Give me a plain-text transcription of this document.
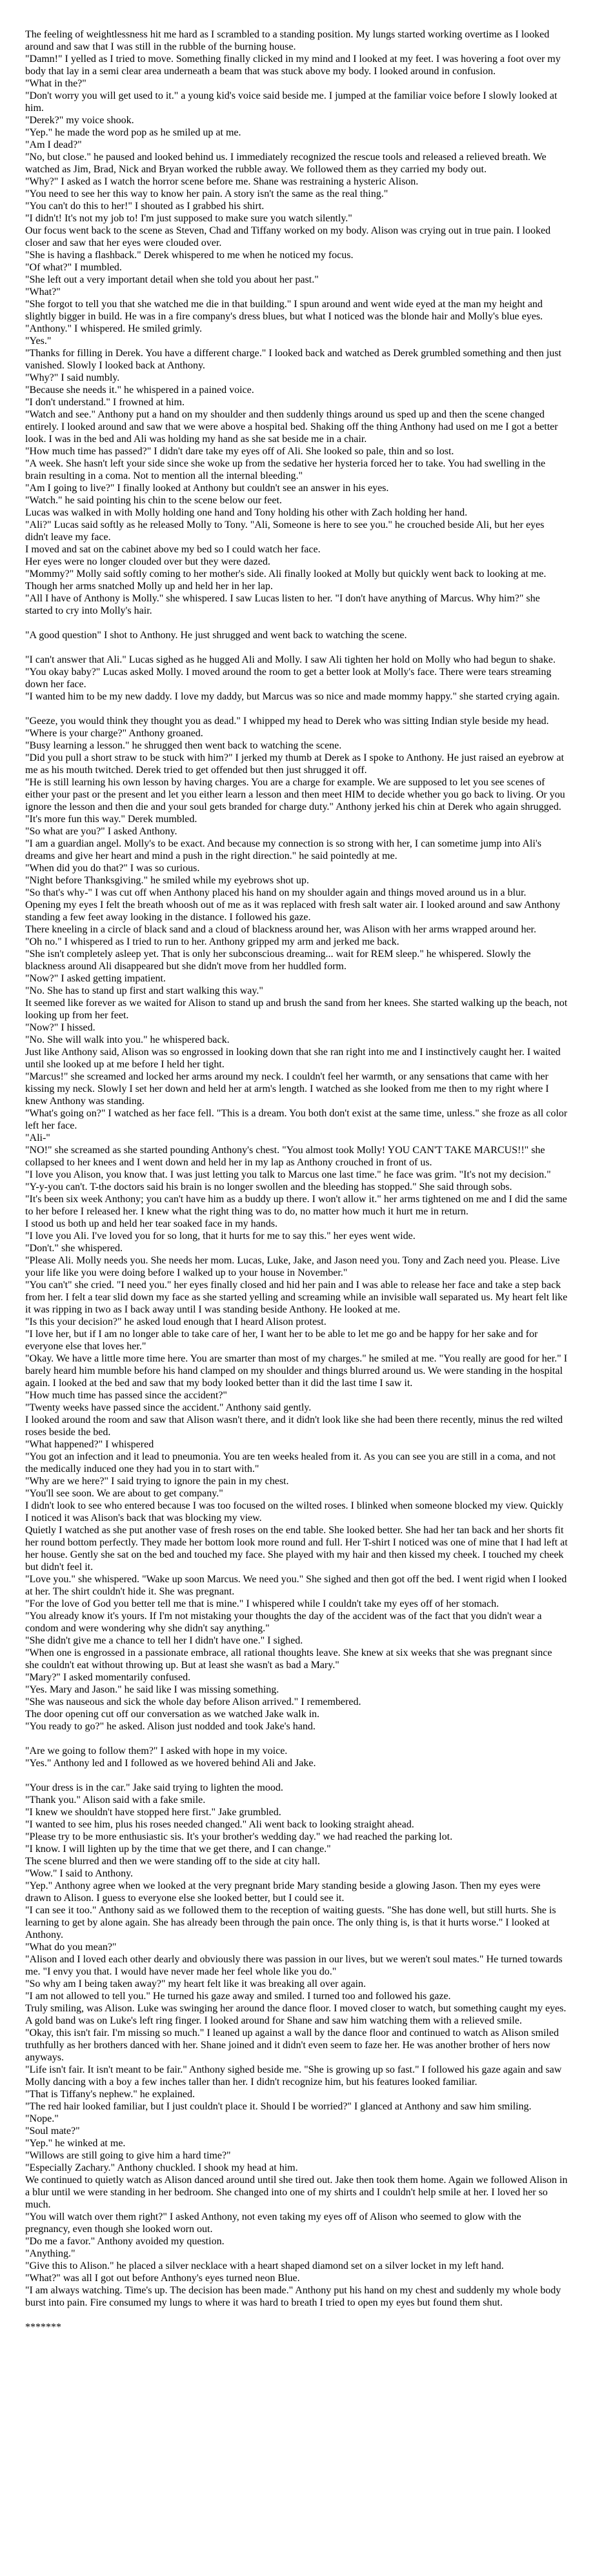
The feeling of weightlessness hit me hard as I scrambled to a standing position. My lungs started working overtime as I looked around and saw that I was still in the rubble of the burning house.

"Damn!" I yelled as I tried to move. Something finally clicked in my mind and I looked at my feet. I was hovering a foot over my body that lay in a semi clear area underneath a beam that was stuck above my body. I looked around in confusion.

"What in the?"

"Don't worry you will get used to it." a young kid's voice said beside me. I jumped at the familiar voice before I slowly looked at him.

"Derek?" my voice shook.

"Yep." he made the word pop as he smiled up at me.

"Am I dead?"

"No, but close." he paused and looked behind us. I immediately recognized the rescue tools and released a relieved breath. We watched as Jim, Brad, Nick and Bryan worked the rubble away. We followed them as they carried my body out.

"Why?" I asked as I watch the horror scene before me. Shane was restraining a hysteric Alison.

"You need to see her this way to know her pain. A story isn't the same as the real thing."

"You can't do this to her!" I shouted as I grabbed his shirt.

"I didn't! It's not my job to! I'm just supposed to make sure you watch silently."

Our focus went back to the scene as Steven, Chad and Tiffany worked on my body. Alison was crying out in true pain. I looked closer and saw that her eyes were clouded over.

"She is having a flashback." Derek whispered to me when he noticed my focus.

"Of what?" I mumbled.

"She left out a very important detail when she told you about her past."

"What?"

"She forgot to tell you that she watched me die in that building." I spun around and went wide eyed at the man my height and slightly bigger in build. He was in a fire company's dress blues, but what I noticed was the blonde hair and Molly's blue eyes.

"Anthony." I whispered. He smiled grimly.

"Yes."

"Thanks for filling in Derek. You have a different charge." I looked back and watched as Derek grumbled something and then just vanished. Slowly I looked back at Anthony.

"Why?" I said numbly.

"Because she needs it." he whispered in a pained voice.

"I don't understand." I frowned at him.

"Watch and see." Anthony put a hand on my shoulder and then suddenly things around us sped up and then the scene changed entirely. I looked around and saw that we were above a hospital bed. Shaking off the thing Anthony had used on me I got a better look. I was in the bed and Ali was holding my hand as she sat beside me in a chair.

"How much time has passed?" I didn't dare take my eyes off of Ali. She looked so pale, thin and so lost.

"A week. She hasn't left your side since she woke up from the sedative her hysteria forced her to take. You had swelling in the brain resulting in a coma. Not to mention all the internal bleeding."

"Am I going to live?" I finally looked at Anthony but couldn't see an answer in his eyes.

"Watch." he said pointing his chin to the scene below our feet.

Lucas was walked in with Molly holding one hand and Tony holding his other with Zach holding her hand.

"Ali?" Lucas said softly as he released Molly to Tony. "Ali, Someone is here to see you." he crouched beside Ali, but her eyes didn't leave my face.

I moved and sat on the cabinet above my bed so I could watch her face.

Her eyes were no longer clouded over but they were dazed.

"Mommy?" Molly said softly coming to her mother's side. Ali finally looked at Molly but quickly went back to looking at me. Though her arms snatched Molly up and held her in her lap.

"All I have of Anthony is Molly." she whispered. I saw Lucas listen to her. "I don't have anything of Marcus. Why him?" she started to cry into Molly's hair.

"A good question" I shot to Anthony. He just shrugged and went back to watching the scene.

"I can't answer that Ali." Lucas sighed as he hugged Ali and Molly. I saw Ali tighten her hold on Molly who had begun to shake.

"You okay baby?" Lucas asked Molly. I moved around the room to get a better look at Molly's face. There were tears streaming down her face.

"I wanted him to be my new daddy. I love my daddy, but Marcus was so nice and made mommy happy." she started crying again.

"Geeze, you would think they thought you as dead." I whipped my head to Derek who was sitting Indian style beside my head.

"Where is your charge?" Anthony groaned.

"Busy learning a lesson." he shrugged then went back to watching the scene.

"Did you pull a short straw to be stuck with him?" I jerked my thumb at Derek as I spoke to Anthony. He just raised an eyebrow at me as his mouth twitched. Derek tried to get offended but then just shrugged it off.

"He is still learning his own lesson by having charges. You are a charge for example. We are supposed to let you see scenes of either your past or the present and let you either learn a lesson and then meet HIM to decide whether you go back to living. Or you ignore the lesson and then die and your soul gets branded for charge duty." Anthony jerked his chin at Derek who again shrugged.

"It's more fun this way." Derek mumbled.

"So what are you?" I asked Anthony.

"I am a guardian angel. Molly's to be exact. And because my connection is so strong with her, I can sometime jump into Ali's dreams and give her heart and mind a push in the right direction." he said pointedly at me.

"When did you do that?" I was so curious.

"Night before Thanksgiving." he smiled while my eyebrows shot up.

"So that's why-" I was cut off when Anthony placed his hand on my shoulder again and things moved around us in a blur.

Opening my eyes I felt the breath whoosh out of me as it was replaced with fresh salt water air. I looked around and saw Anthony standing a few feet away looking in the distance. I followed his gaze.

There kneeling in a circle of black sand and a cloud of blackness around her, was Alison with her arms wrapped around her.

"Oh no." I whispered as I tried to run to her. Anthony gripped my arm and jerked me back.

"She isn't completely asleep yet. That is only her subconscious dreaming... wait for REM sleep." he whispered. Slowly the blackness around Ali disappeared but she didn't move from her huddled form.

"Now?" I asked getting impatient.

"No. She has to stand up first and start walking this way."

It seemed like forever as we waited for Alison to stand up and brush the sand from her knees. She started walking up the beach, not looking up from her feet.

"Now?" I hissed.

"No. She will walk into you." he whispered back.

Just like Anthony said, Alison was so engrossed in looking down that she ran right into me and I instinctively caught her. I waited until she looked up at me before I held her tight.

"Marcus!" she screamed and locked her arms around my neck. I couldn't feel her warmth, or any sensations that came with her kissing my neck. Slowly I set her down and held her at arm's length. I watched as she looked from me then to my right where I knew Anthony was standing.

"What's going on?" I watched as her face fell. "This is a dream. You both don't exist at the same time, unless." she froze as all color left her face.

"Ali-"

"NO!" she screamed as she started pounding Anthony's chest. "You almost took Molly! YOU CAN'T TAKE MARCUS!!" she collapsed to her knees and I went down and held her in my lap as Anthony crouched in front of us.

"I love you Alison, you know that. I was just letting you talk to Marcus one last time." he face was grim. "It's not my decision."

"Y-y-you can't. T-the doctors said his brain is no longer swollen and the bleeding has stopped." She said through sobs.

"It's been six week Anthony; you can't have him as a buddy up there. I won't allow it." her arms tightened on me and I did the same to her before I released her. I knew what the right thing was to do, no matter how much it hurt me in return.

I stood us both up and held her tear soaked face in my hands.

"I love you Ali. I've loved you for so long, that it hurts for me to say this." her eyes went wide.

"Don't." she whispered.

"Please Ali. Molly needs you. She needs her mom. Lucas, Luke, Jake, and Jason need you. Tony and Zach need you. Please. Live your life like you were doing before I walked up to your house in November."

"You can't" she cried. "I need you." her eyes finally closed and hid her pain and I was able to release her face and take a step back from her. I felt a tear slid down my face as she started yelling and screaming while an invisible wall separated us. My heart felt like it was ripping in two as I back away until I was standing beside Anthony. He looked at me.

"Is this your decision?" he asked loud enough that I heard Alison protest.

"I love her, but if I am no longer able to take care of her, I want her to be able to let me go and be happy for her sake and for everyone else that loves her."

"Okay. We have a little more time here. You are smarter than most of my charges." he smiled at me. "You really are good for her." I barely heard him mumble before his hand clamped on my shoulder and things blurred around us. We were standing in the hospital again. I looked at the bed and saw that my body looked better than it did the last time I saw it.

"How much time has passed since the accident?"

"Twenty weeks have passed since the accident." Anthony said gently.

I looked around the room and saw that Alison wasn't there, and it didn't look like she had been there recently, minus the red wilted roses beside the bed.

"What happened?" I whispered

"You got an infection and it lead to pneumonia. You are ten weeks healed from it. As you can see you are still in a coma, and not the medically induced one they had you in to start with."

"Why are we here?" I said trying to ignore the pain in my chest.

"You'll see soon. We are about to get company."

I didn't look to see who entered because I was too focused on the wilted roses. I blinked when someone blocked my view. Quickly I noticed it was Alison's back that was blocking my view.

Quietly I watched as she put another vase of fresh roses on the end table. She looked better. She had her tan back and her shorts fit her round bottom perfectly. They made her bottom look more round and full. Her T-shirt I noticed was one of mine that I had left at her house. Gently she sat on the bed and touched my face. She played with my hair and then kissed my cheek. I touched my cheek but didn't feel it.

"Love you." she whispered. "Wake up soon Marcus. We need you." She sighed and then got off the bed. I went rigid when I looked at her. The shirt couldn't hide it. She was pregnant.

"For the love of God you better tell me that is mine." I whispered while I couldn't take my eyes off of her stomach.

"You already know it's yours. If I'm not mistaking your thoughts the day of the accident was of the fact that you didn't wear a condom and were wondering why she didn't say anything."

"She didn't give me a chance to tell her I didn't have one." I sighed.

"When one is engrossed in a passionate embrace, all rational thoughts leave. She knew at six weeks that she was pregnant since she couldn't eat without throwing up. But at least she wasn't as bad a Mary."

"Mary?" I asked momentarily confused.

"Yes. Mary and Jason." he said like I was missing something.

"She was nauseous and sick the whole day before Alison arrived." I remembered.

The door opening cut off our conversation as we watched Jake walk in.

"You ready to go?" he asked. Alison just nodded and took Jake's hand.

"Are we going to follow them?" I asked with hope in my voice.

"Yes." Anthony led and I followed as we hovered behind Ali and Jake.

"Your dress is in the car." Jake said trying to lighten the mood.

"Thank you." Alison said with a fake smile.

"I knew we shouldn't have stopped here first." Jake grumbled.

"I wanted to see him, plus his roses needed changed." Ali went back to looking straight ahead.

"Please try to be more enthusiastic sis. It's your brother's wedding day." we had reached the parking lot.

"I know. I will lighten up by the time that we get there, and I can change."

The scene blurred and then we were standing off to the side at city hall.

"Wow." I said to Anthony.

"Yep." Anthony agree when we looked at the very pregnant bride Mary standing beside a glowing Jason. Then my eyes were drawn to Alison. I guess to everyone else she looked better, but I could see it.

"I can see it too." Anthony said as we followed them to the reception of waiting guests. "She has done well, but still hurts. She is learning to get by alone again. She has already been through the pain once. The only thing is, is that it hurts worse." I looked at Anthony.

"What do you mean?"

"Alison and I loved each other dearly and obviously there was passion in our lives, but we weren't soul mates." He turned towards me. "I envy you that. I would have never made her feel whole like you do."

"So why am I being taken away?" my heart felt like it was breaking all over again.

"I am not allowed to tell you." He turned his gaze away and smiled. I turned too and followed his gaze.

Truly smiling, was Alison. Luke was swinging her around the dance floor. I moved closer to watch, but something caught my eyes. A gold band was on Luke's left ring finger. I looked around for Shane and saw him watching them with a relieved smile.

"Okay, this isn't fair. I'm missing so much." I leaned up against a wall by the dance floor and continued to watch as Alison smiled truthfully as her brothers danced with her. Shane joined and it didn't even seem to faze her. He was another brother of hers now anyways.

"Life isn't fair. It isn't meant to be fair." Anthony sighed beside me. "She is growing up so fast." I followed his gaze again and saw Molly dancing with a boy a few inches taller than her. I didn't recognize him, but his features looked familiar.

"That is Tiffany's nephew." he explained.

"The red hair looked familiar, but I just couldn't place it. Should I be worried?" I glanced at Anthony and saw him smiling.

"Nope."

"Soul mate?"

"Yep." he winked at me.

"Willows are still going to give him a hard time?"

"Especially Zachary." Anthony chuckled. I shook my head at him.

We continued to quietly watch as Alison danced around until she tired out. Jake then took them home. Again we followed Alison in a blur until we were standing in her bedroom. She changed into one of my shirts and I couldn't help smile at her. I loved her so much.

"You will watch over them right?" I asked Anthony, not even taking my eyes off of Alison who seemed to glow with the pregnancy, even though she looked worn out.

"Do me a favor." Anthony avoided my question.

"Anything."

"Give this to Alison." he placed a silver necklace with a heart shaped diamond set on a silver locket in my left hand.

"What?" was all I got out before Anthony's eyes turned neon Blue.

"I am always watching. Time's up. The decision has been made." Anthony put his hand on my chest and suddenly my whole body burst into pain. Fire consumed my lungs to where it was hard to breath I tried to open my eyes but found them shut.

*******
